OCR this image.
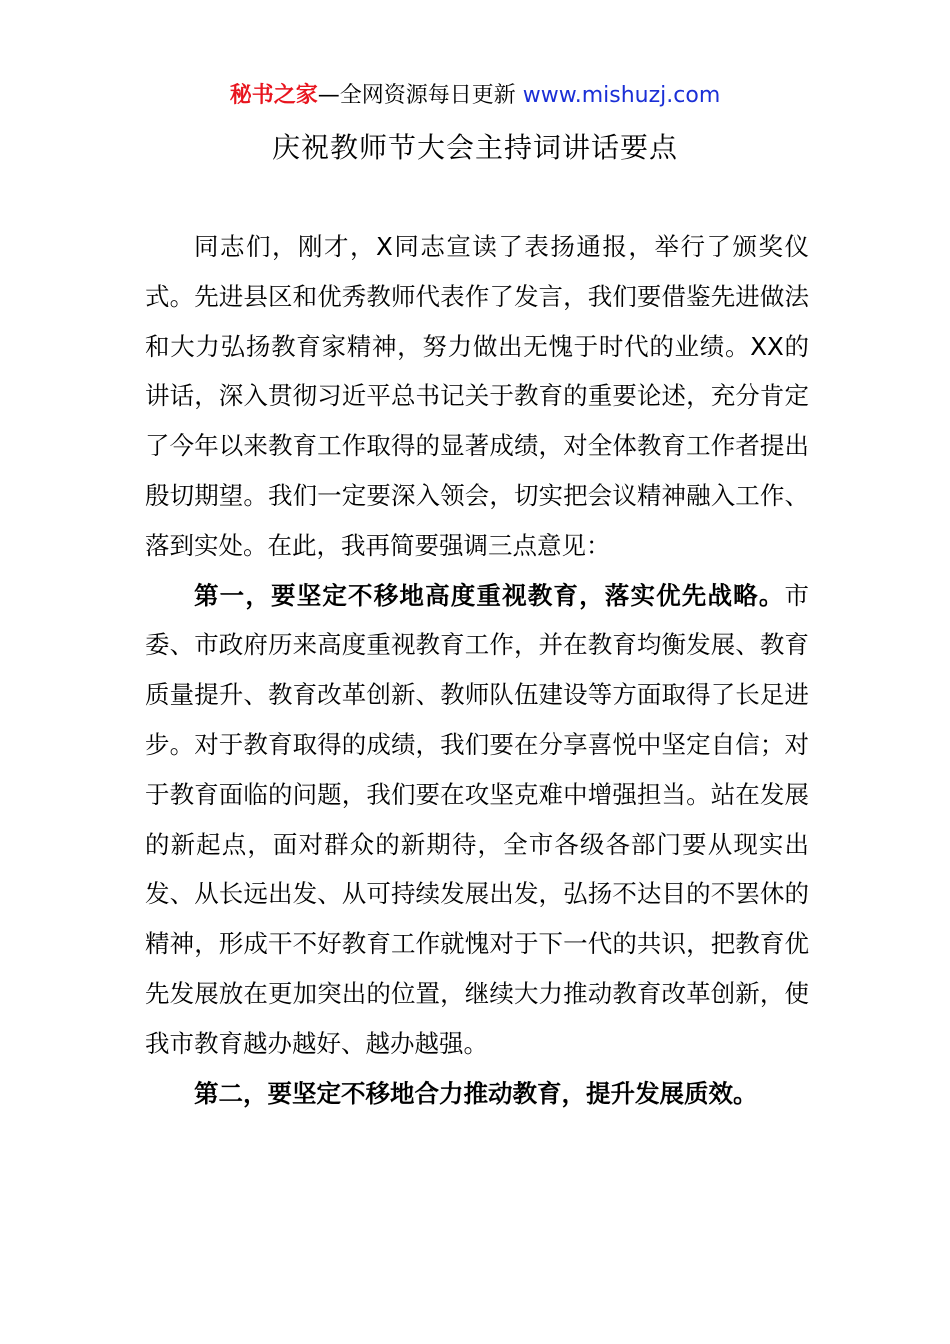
秘书之家—全网资源每日更新 www.mishuzj.com
庆祝教师节大会主持词讲话要点

同志们，刚才，X同志宣读了表扬通报，举行了颁奖仪式。先进县区和优秀教师代表作了发言，我们要借鉴先进做法和大力弘扬教育家精神，努力做出无愧于时代的业绩。XX的讲话，深入贯彻习近平总书记关于教育的重要论述，充分肯定了今年以来教育工作取得的显著成绩，对全体教育工作者提出殷切期望。我们一定要深入领会，切实把会议精神融入工作、落到实处。在此，我再简要强调三点意见：

第一，要坚定不移地高度重视教育，落实优先战略。市委、市政府历来高度重视教育工作，并在教育均衡发展、教育质量提升、教育改革创新、教师队伍建设等方面取得了长足进步。对于教育取得的成绩，我们要在分享喜悦中坚定自信；对于教育面临的问题，我们要在攻坚克难中增强担当。站在发展的新起点，面对群众的新期待，全市各级各部门要从现实出发、从长远出发、从可持续发展出发，弘扬不达目的不罢休的精神，形成干不好教育工作就愧对于下一代的共识，把教育优先发展放在更加突出的位置，继续大力推动教育改革创新，使我市教育越办越好、越办越强。

第二，要坚定不移地合力推动教育，提升发展质效。
